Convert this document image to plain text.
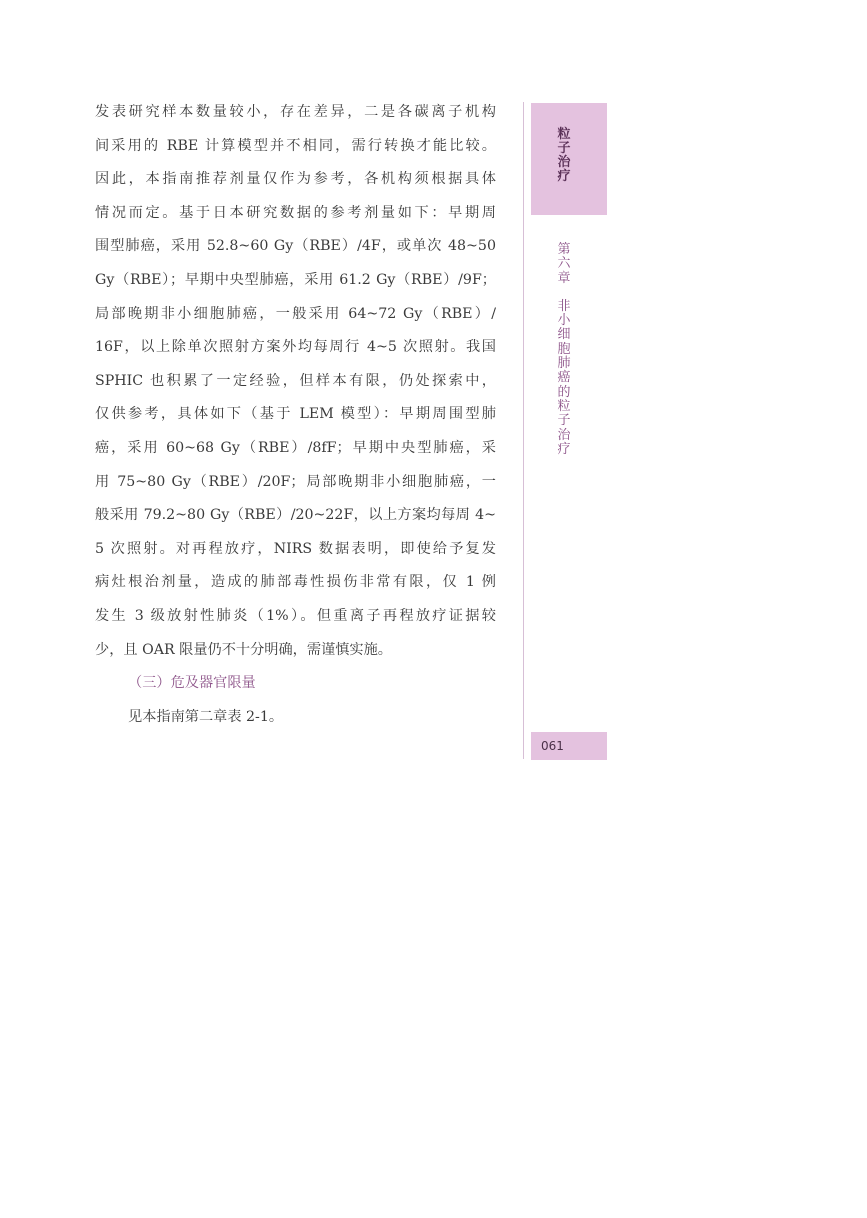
发表研究样本数量较小，存在差异，二是各碳离子机构
间采用的 RBE 计算模型并不相同，需行转换才能比较。
因此，本指南推荐剂量仅作为参考，各机构须根据具体
情况而定。基于日本研究数据的参考剂量如下：早期周
围型肺癌，采用 52.8~60 Gy（RBE）/4F，或单次 48~50
Gy（RBE）；早期中央型肺癌，采用 61.2 Gy（RBE）/9F；
局部晚期非小细胞肺癌，一般采用 64~72 Gy（RBE）/
16F，以上除单次照射方案外均每周行 4~5 次照射。我国
SPHIC 也积累了一定经验，但样本有限，仍处探索中，
仅供参考，具体如下（基于 LEM 模型）：早期周围型肺
癌，采用 60~68 Gy（RBE）/8fF；早期中央型肺癌，采
用 75~80 Gy（RBE）/20F；局部晚期非小细胞肺癌，一
般采用 79.2~80 Gy（RBE）/20~22F，以上方案均每周 4~
5 次照射。对再程放疗，NIRS 数据表明，即使给予复发
病灶根治剂量，造成的肺部毒性损伤非常有限，仅 1 例
发生 3 级放射性肺炎（1%）。但重离子再程放疗证据较
少，且 OAR 限量仍不十分明确，需谨慎实施。
（三）危及器官限量
见本指南第二章表 2-1。
粒子治疗
第六章
非小细胞肺癌的粒子治疗
061
